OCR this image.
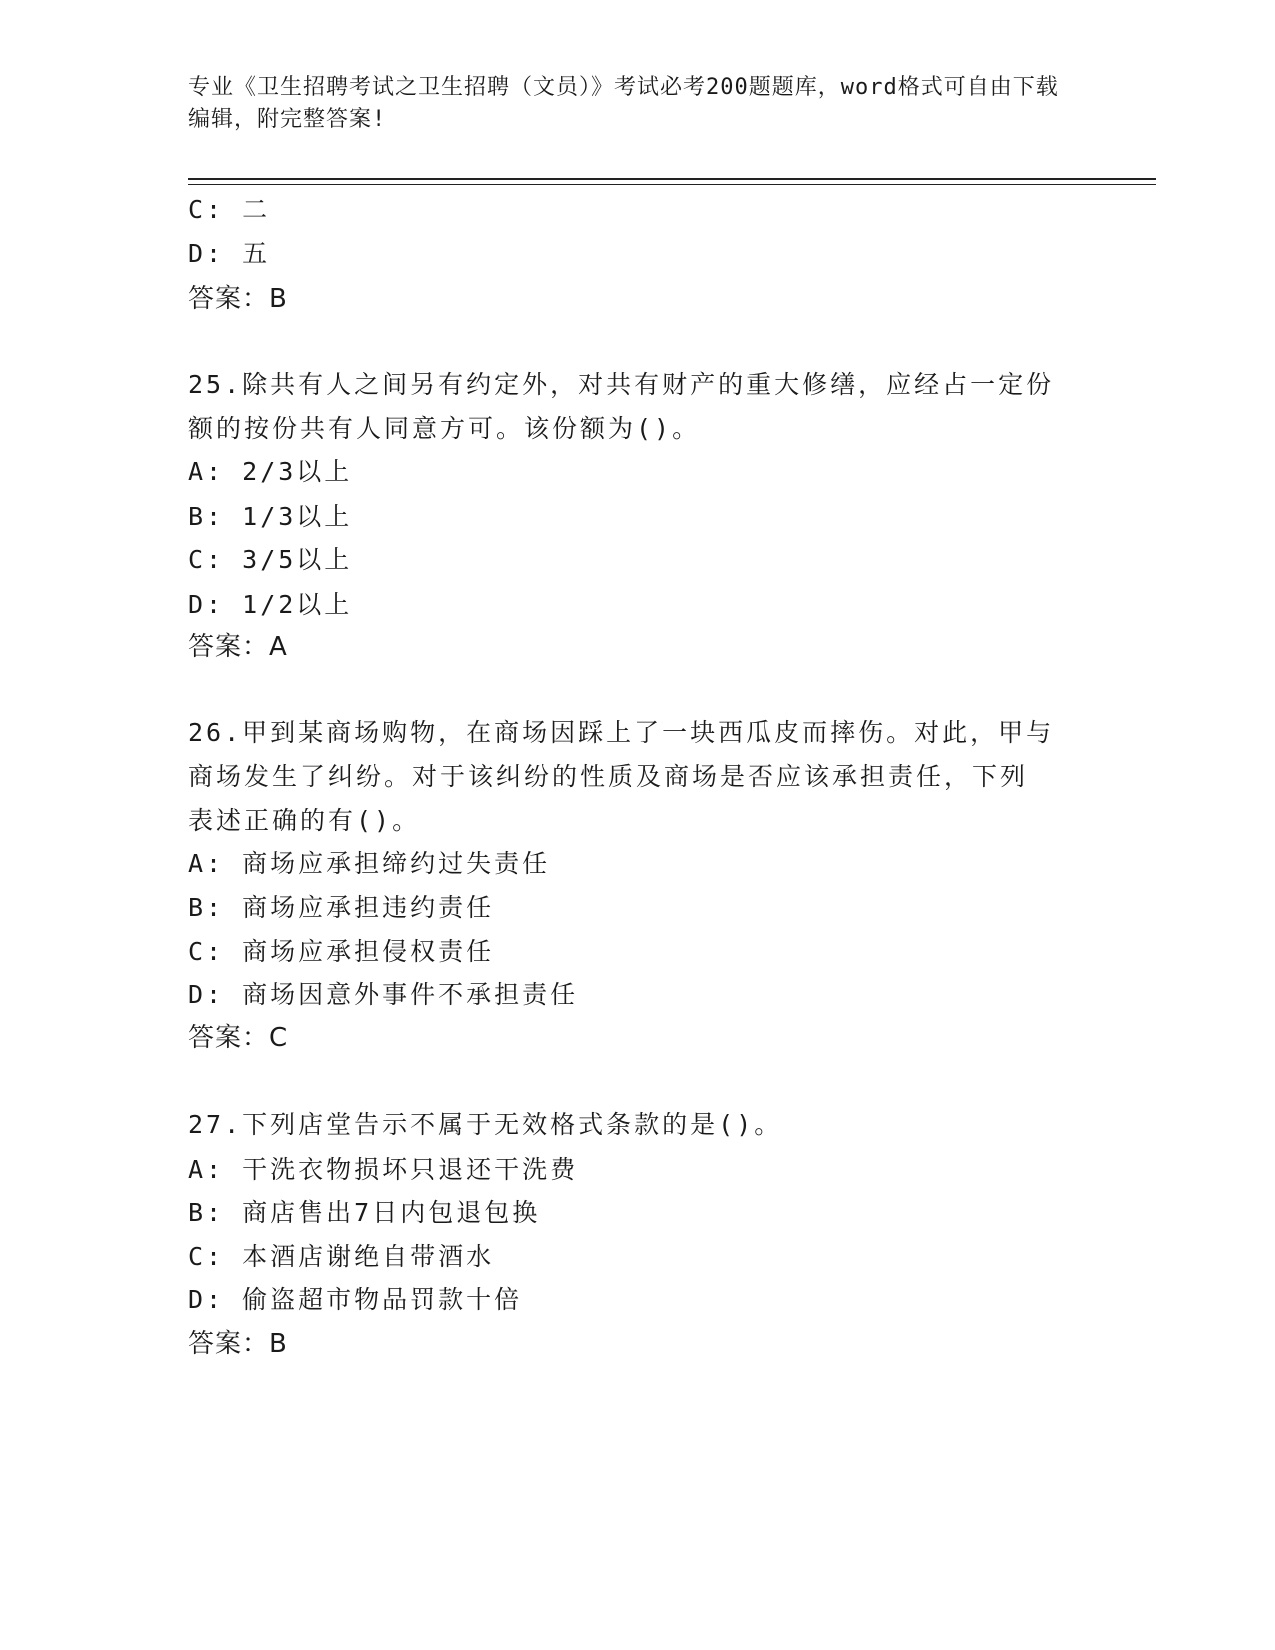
专业《卫生招聘考试之卫生招聘（文员）》考试必考200题题库，word格式可自由下载编辑，附完整答案!
C: 二
D: 五
答案：B
25.除共有人之间另有约定外，对共有财产的重大修缮，应经占一定份
额的按份共有人同意方可。该份额为()。
A: 2/3以上
B: 1/3以上
C: 3/5以上
D: 1/2以上
答案：A
26.甲到某商场购物，在商场因踩上了一块西瓜皮而摔伤。对此，甲与
商场发生了纠纷。对于该纠纷的性质及商场是否应该承担责任，下列
表述正确的有()。
A: 商场应承担缔约过失责任
B: 商场应承担违约责任
C: 商场应承担侵权责任
D: 商场因意外事件不承担责任
答案：C
27.下列店堂告示不属于无效格式条款的是()。
A: 干洗衣物损坏只退还干洗费
B: 商店售出7日内包退包换
C: 本酒店谢绝自带酒水
D: 偷盗超市物品罚款十倍
答案：B
